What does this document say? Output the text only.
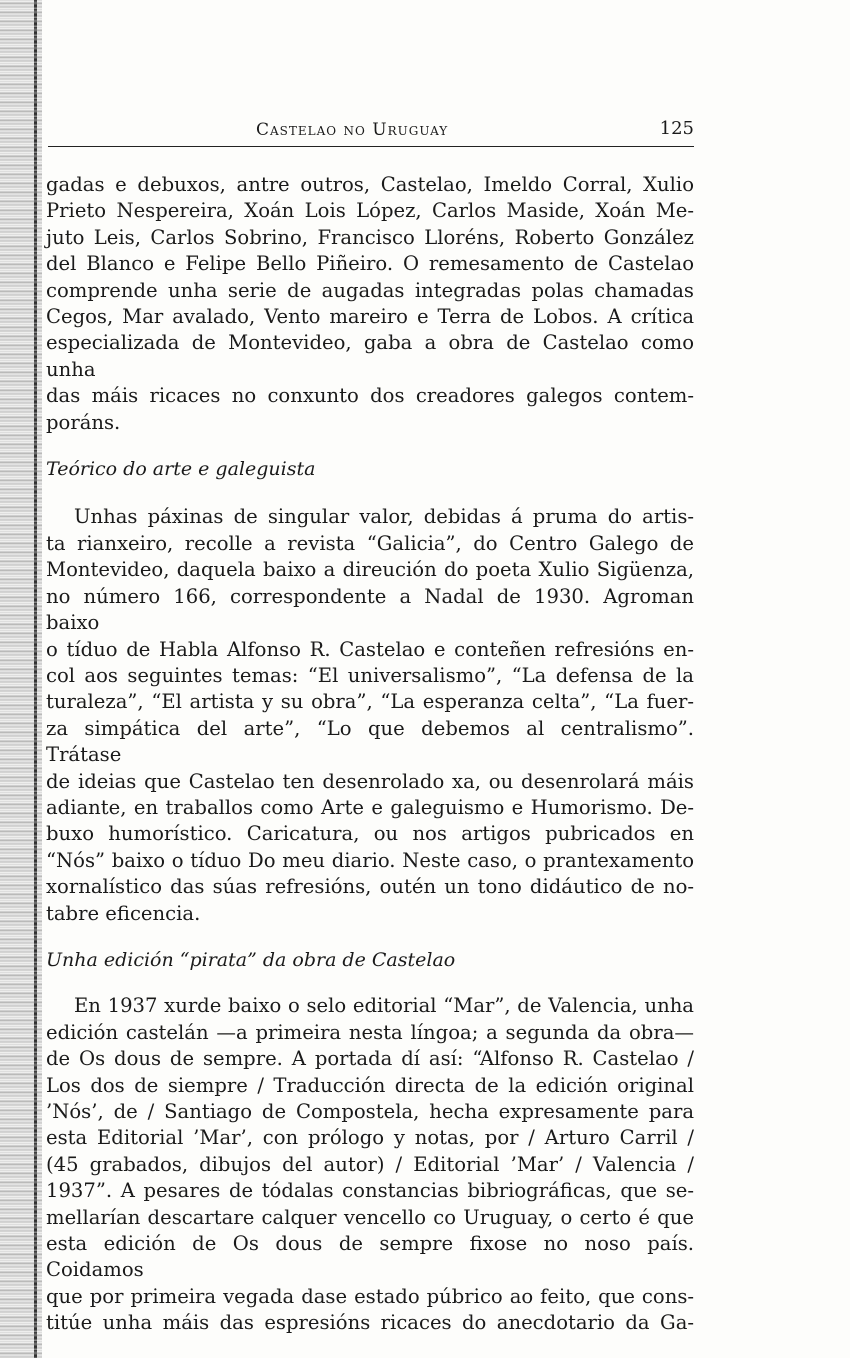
Castelao no Uruguay	125

gadas e debuxos, antre outros, Castelao, Imeldo Corral, Xulio

Prieto Nespereira, Xoán Lois López, Carlos Maside, Xoán Me-

juto Leis, Carlos Sobrino, Francisco Lloréns, Roberto González

del Blanco e Felipe Bello Piñeiro. O remesamento de Castelao

comprende unha serie de augadas integradas polas chamadas

Cegos, Mar avalado, Vento mareiro e Terra de Lobos. A crítica

especializada de Montevideo, gaba a obra de Castelao como unha

das máis ricaces no conxunto dos creadores galegos contem-

poráns.

Teórico do arte e galeguista

Unhas páxinas de singular valor, debidas á pruma do artis-

ta rianxeiro, recolle a revista “Galicia”, do Centro Galego de

Montevideo, daquela baixo a direución do poeta Xulio Sigüenza,

no número 166, correspondente a Nadal de 1930. Agroman baixo

o tíduo de Habla Alfonso R. Castelao e conteñen refresións en-

col aos seguintes temas: “El universalismo”, “La defensa de la

turaleza”, “El artista y su obra”, “La esperanza celta”, “La fuer-

za simpática del arte”, “Lo que debemos al centralismo”. Trátase

de ideias que Castelao ten desenrolado xa, ou desenrolará máis

adiante, en traballos como Arte e galeguismo e Humorismo. De-

buxo humorístico. Caricatura, ou nos artigos pubricados en

“Nós” baixo o tíduo Do meu diario. Neste caso, o prantexamento

xornalístico das súas refresións, outén un tono didáutico de no-

tabre eficencia.

Unha edición “pirata” da obra de Castelao

En 1937 xurde baixo o selo editorial “Mar”, de Valencia, unha

edición castelán —a primeira nesta língoa; a segunda da obra—

de Os dous de sempre. A portada dí así: “Alfonso R. Castelao /

Los dos de siempre / Traducción directa de la edición original

’Nós’, de / Santiago de Compostela, hecha expresamente para

esta Editorial ’Mar’, con prólogo y notas, por / Arturo Carril /

(45 grabados, dibujos del autor) / Editorial ’Mar’ / Valencia /

1937”. A pesares de tódalas constancias bibriográficas, que se-

mellarían descartare calquer vencello co Uruguay, o certo é que

esta edición de Os dous de sempre fixose no noso país. Coidamos

que por primeira vegada dase estado púbrico ao feito, que cons-

titúe unha máis das espresións ricaces do anecdotario da Ga-
